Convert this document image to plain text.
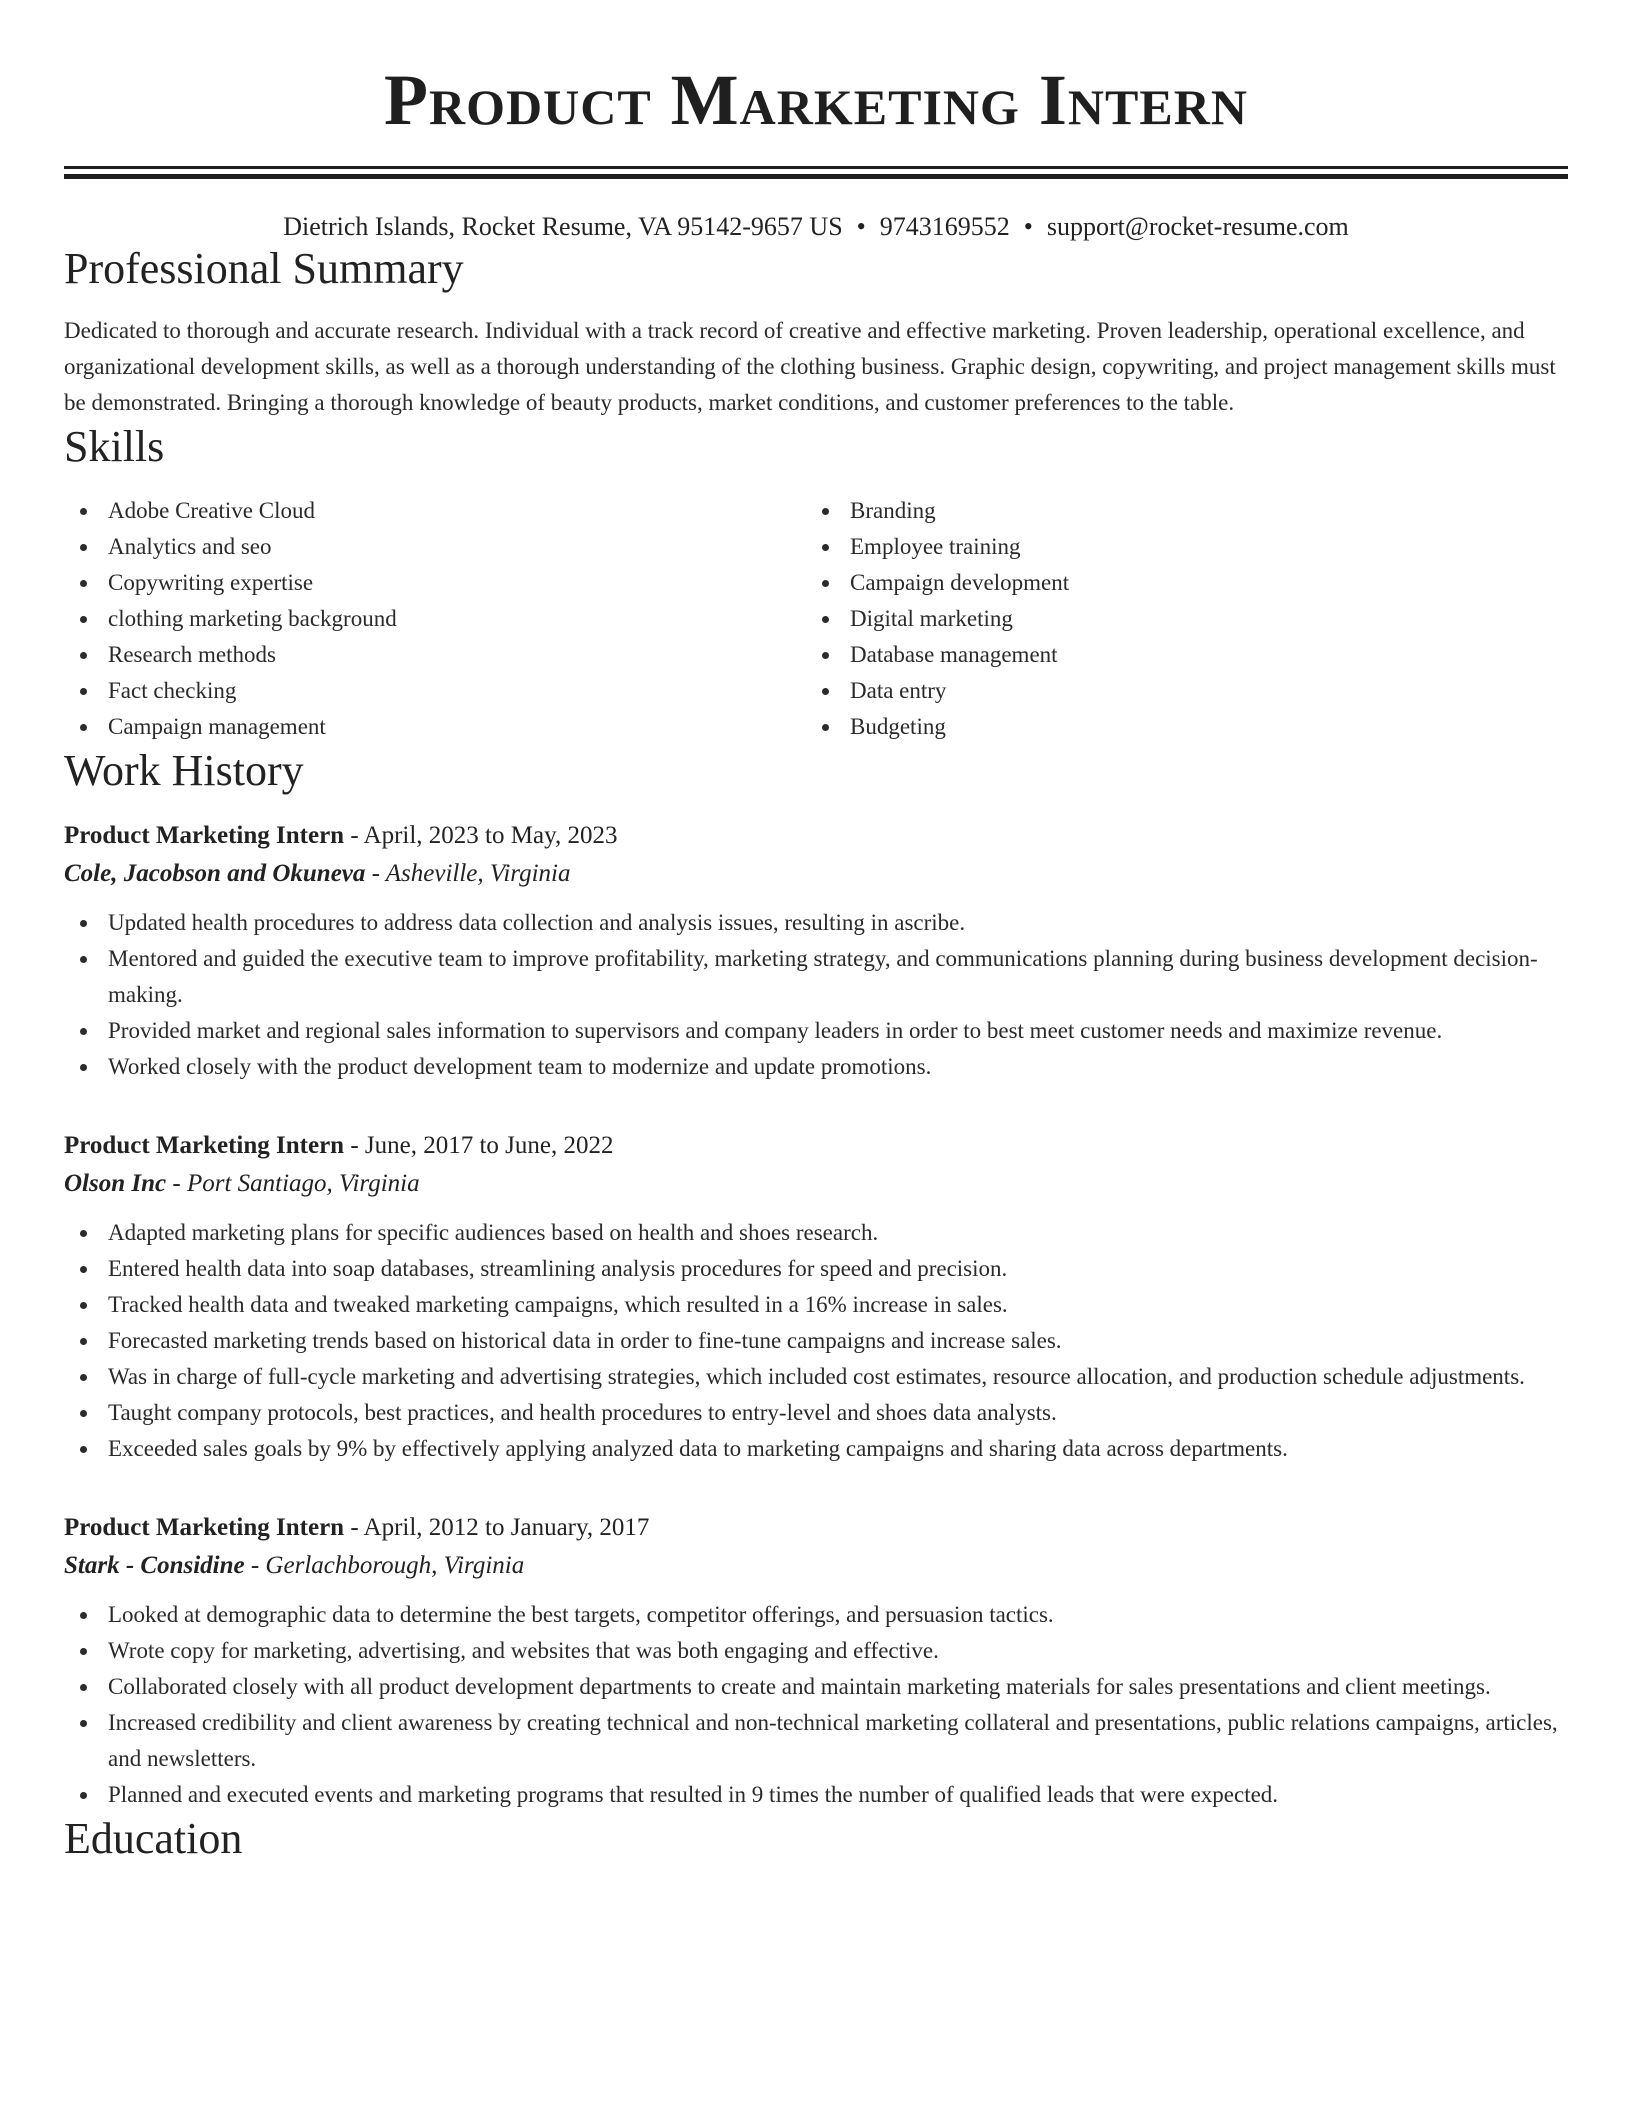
Product Marketing Intern
Dietrich Islands, Rocket Resume, VA 95142-9657 US • 9743169552 • support@rocket-resume.com
Professional Summary

Dedicated to thorough and accurate research. Individual with a track record of creative and effective marketing. Proven leadership, operational excellence, and organizational development skills, as well as a thorough understanding of the clothing business. Graphic design, copywriting, and project management skills must be demonstrated. Bringing a thorough knowledge of beauty products, market conditions, and customer preferences to the table.

Skills
Adobe Creative Cloud
Analytics and seo
Copywriting expertise
clothing marketing background
Research methods
Fact checking
Campaign management
Branding
Employee training
Campaign development
Digital marketing
Database management
Data entry
Budgeting
Work History
Product Marketing Intern - April, 2023 to May, 2023
Cole, Jacobson and Okuneva - Asheville, Virginia
Updated health procedures to address data collection and analysis issues, resulting in ascribe.
Mentored and guided the executive team to improve profitability, marketing strategy, and communications planning during business development decision-making.
Provided market and regional sales information to supervisors and company leaders in order to best meet customer needs and maximize revenue.
Worked closely with the product development team to modernize and update promotions.
Product Marketing Intern - June, 2017 to June, 2022
Olson Inc - Port Santiago, Virginia
Adapted marketing plans for specific audiences based on health and shoes research.
Entered health data into soap databases, streamlining analysis procedures for speed and precision.
Tracked health data and tweaked marketing campaigns, which resulted in a 16% increase in sales.
Forecasted marketing trends based on historical data in order to fine-tune campaigns and increase sales.
Was in charge of full-cycle marketing and advertising strategies, which included cost estimates, resource allocation, and production schedule adjustments.
Taught company protocols, best practices, and health procedures to entry-level and shoes data analysts.
Exceeded sales goals by 9% by effectively applying analyzed data to marketing campaigns and sharing data across departments.
Product Marketing Intern - April, 2012 to January, 2017
Stark - Considine - Gerlachborough, Virginia
Looked at demographic data to determine the best targets, competitor offerings, and persuasion tactics.
Wrote copy for marketing, advertising, and websites that was both engaging and effective.
Collaborated closely with all product development departments to create and maintain marketing materials for sales presentations and client meetings.
Increased credibility and client awareness by creating technical and non-technical marketing collateral and presentations, public relations campaigns, articles, and newsletters.
Planned and executed events and marketing programs that resulted in 9 times the number of qualified leads that were expected.
Education
